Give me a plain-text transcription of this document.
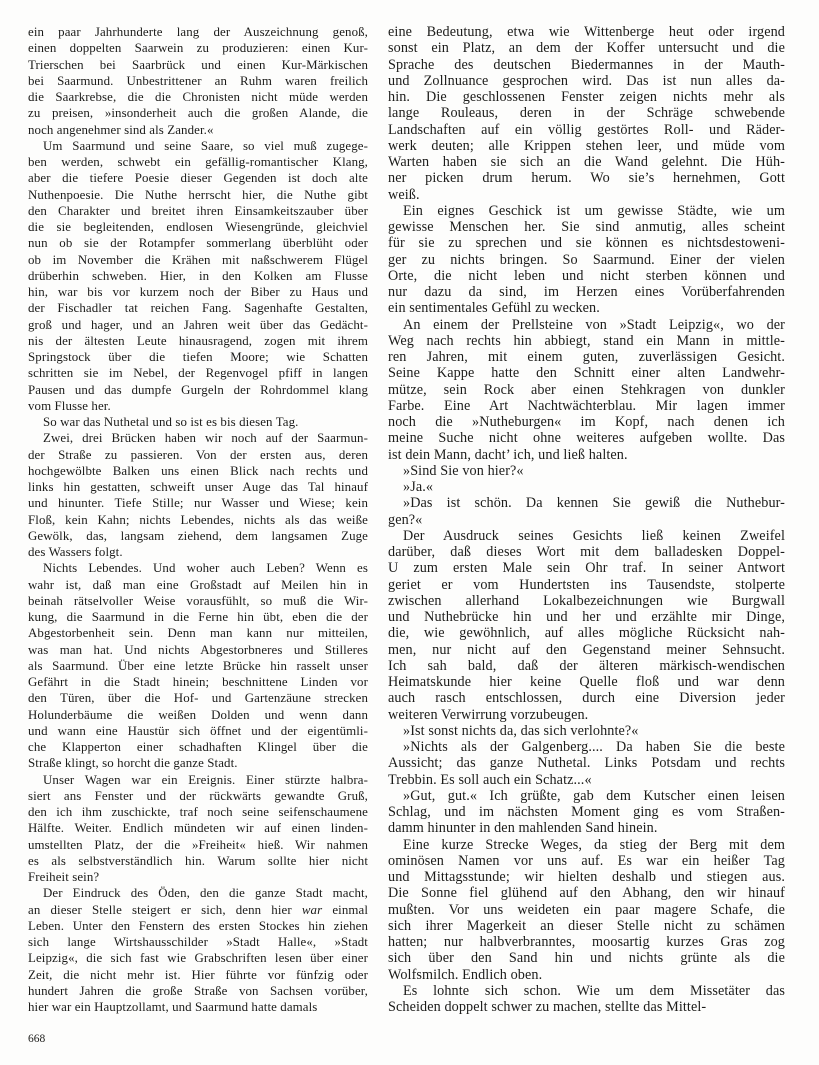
ein paar Jahrhunderte lang der Auszeichnung genoß,
einen doppelten Saarwein zu produzieren: einen Kur-
Trierschen bei Saarbrück und einen Kur-Märkischen
bei Saarmund. Unbestrittener an Ruhm waren freilich
die Saarkrebse, die die Chronisten nicht müde werden
zu preisen, »insonderheit auch die großen Alande, die
noch angenehmer sind als Zander.«
Um Saarmund und seine Saare, so viel muß zugege-
ben werden, schwebt ein gefällig-romantischer Klang,
aber die tiefere Poesie dieser Gegenden ist doch alte
Nuthenpoesie. Die Nuthe herrscht hier, die Nuthe gibt
den Charakter und breitet ihren Einsamkeitszauber über
die sie begleitenden, endlosen Wiesengründe, gleichviel
nun ob sie der Rotampfer sommerlang überblüht oder
ob im November die Krähen mit naßschwerem Flügel
drüberhin schweben. Hier, in den Kolken am Flusse
hin, war bis vor kurzem noch der Biber zu Haus und
der Fischadler tat reichen Fang. Sagenhafte Gestalten,
groß und hager, und an Jahren weit über das Gedächt-
nis der ältesten Leute hinausragend, zogen mit ihrem
Springstock über die tiefen Moore; wie Schatten
schritten sie im Nebel, der Regenvogel pfiff in langen
Pausen und das dumpfe Gurgeln der Rohrdommel klang
vom Flusse her.
So war das Nuthetal und so ist es bis diesen Tag.
Zwei, drei Brücken haben wir noch auf der Saarmun-
der Straße zu passieren. Von der ersten aus, deren
hochgewölbte Balken uns einen Blick nach rechts und
links hin gestatten, schweift unser Auge das Tal hinauf
und hinunter. Tiefe Stille; nur Wasser und Wiese; kein
Floß, kein Kahn; nichts Lebendes, nichts als das weiße
Gewölk, das, langsam ziehend, dem langsamen Zuge
des Wassers folgt.
Nichts Lebendes. Und woher auch Leben? Wenn es
wahr ist, daß man eine Großstadt auf Meilen hin in
beinah rätselvoller Weise vorausfühlt, so muß die Wir-
kung, die Saarmund in die Ferne hin übt, eben die der
Abgestorbenheit sein. Denn man kann nur mitteilen,
was man hat. Und nichts Abgestorbneres und Stilleres
als Saarmund. Über eine letzte Brücke hin rasselt unser
Gefährt in die Stadt hinein; beschnittene Linden vor
den Türen, über die Hof- und Gartenzäune strecken
Holunderbäume die weißen Dolden und wenn dann
und wann eine Haustür sich öffnet und der eigentümli-
che Klapperton einer schadhaften Klingel über die
Straße klingt, so horcht die ganze Stadt.
Unser Wagen war ein Ereignis. Einer stürzte halbra-
siert ans Fenster und der rückwärts gewandte Gruß,
den ich ihm zuschickte, traf noch seine seifenschaumene
Hälfte. Weiter. Endlich mündeten wir auf einen linden-
umstellten Platz, der die »Freiheit« hieß. Wir nahmen
es als selbstverständlich hin. Warum sollte hier nicht
Freiheit sein?
Der Eindruck des Öden, den die ganze Stadt macht,
an dieser Stelle steigert er sich, denn hier war einmal
Leben. Unter den Fenstern des ersten Stockes hin ziehen
sich lange Wirtshausschilder »Stadt Halle«, »Stadt
Leipzig«, die sich fast wie Grabschriften lesen über einer
Zeit, die nicht mehr ist. Hier führte vor fünfzig oder
hundert Jahren die große Straße von Sachsen vorüber,
hier war ein Hauptzollamt, und Saarmund hatte damals
eine Bedeutung, etwa wie Wittenberge heut oder irgend
sonst ein Platz, an dem der Koffer untersucht und die
Sprache des deutschen Biedermannes in der Mauth-
und Zollnuance gesprochen wird. Das ist nun alles da-
hin. Die geschlossenen Fenster zeigen nichts mehr als
lange Rouleaus, deren in der Schräge schwebende
Landschaften auf ein völlig gestörtes Roll- und Räder-
werk deuten; alle Krippen stehen leer, und müde vom
Warten haben sie sich an die Wand gelehnt. Die Hüh-
ner picken drum herum. Wo sie’s hernehmen, Gott
weiß.
Ein eignes Geschick ist um gewisse Städte, wie um
gewisse Menschen her. Sie sind anmutig, alles scheint
für sie zu sprechen und sie können es nichtsdestoweni-
ger zu nichts bringen. So Saarmund. Einer der vielen
Orte, die nicht leben und nicht sterben können und
nur dazu da sind, im Herzen eines Vorüberfahrenden
ein sentimentales Gefühl zu wecken.
An einem der Prellsteine von »Stadt Leipzig«, wo der
Weg nach rechts hin abbiegt, stand ein Mann in mittle-
ren Jahren, mit einem guten, zuverlässigen Gesicht.
Seine Kappe hatte den Schnitt einer alten Landwehr-
mütze, sein Rock aber einen Stehkragen von dunkler
Farbe. Eine Art Nachtwächterblau. Mir lagen immer
noch die »Nutheburgen« im Kopf, nach denen ich
meine Suche nicht ohne weiteres aufgeben wollte. Das
ist dein Mann, dacht’ ich, und ließ halten.
»Sind Sie von hier?«
»Ja.«
»Das ist schön. Da kennen Sie gewiß die Nuthebur-
gen?«
Der Ausdruck seines Gesichts ließ keinen Zweifel
darüber, daß dieses Wort mit dem balladesken Doppel-
U zum ersten Male sein Ohr traf. In seiner Antwort
geriet er vom Hundertsten ins Tausendste, stolperte
zwischen allerhand Lokalbezeichnungen wie Burgwall
und Nuthebrücke hin und her und erzählte mir Dinge,
die, wie gewöhnlich, auf alles mögliche Rücksicht nah-
men, nur nicht auf den Gegenstand meiner Sehnsucht.
Ich sah bald, daß der älteren märkisch-wendischen
Heimatskunde hier keine Quelle floß und war denn
auch rasch entschlossen, durch eine Diversion jeder
weiteren Verwirrung vorzubeugen.
»Ist sonst nichts da, das sich verlohnte?«
»Nichts als der Galgenberg.... Da haben Sie die beste
Aussicht; das ganze Nuthetal. Links Potsdam und rechts
Trebbin. Es soll auch ein Schatz...«
»Gut, gut.« Ich grüßte, gab dem Kutscher einen leisen
Schlag, und im nächsten Moment ging es vom Straßen-
damm hinunter in den mahlenden Sand hinein.
Eine kurze Strecke Weges, da stieg der Berg mit dem
ominösen Namen vor uns auf. Es war ein heißer Tag
und Mittagsstunde; wir hielten deshalb und stiegen aus.
Die Sonne fiel glühend auf den Abhang, den wir hinauf
mußten. Vor uns weideten ein paar magere Schafe, die
sich ihrer Magerkeit an dieser Stelle nicht zu schämen
hatten; nur halbverbranntes, moosartig kurzes Gras zog
sich über den Sand hin und nichts grünte als die
Wolfsmilch. Endlich oben.
Es lohnte sich schon. Wie um dem Missetäter das
Scheiden doppelt schwer zu machen, stellte das Mittel-
668
